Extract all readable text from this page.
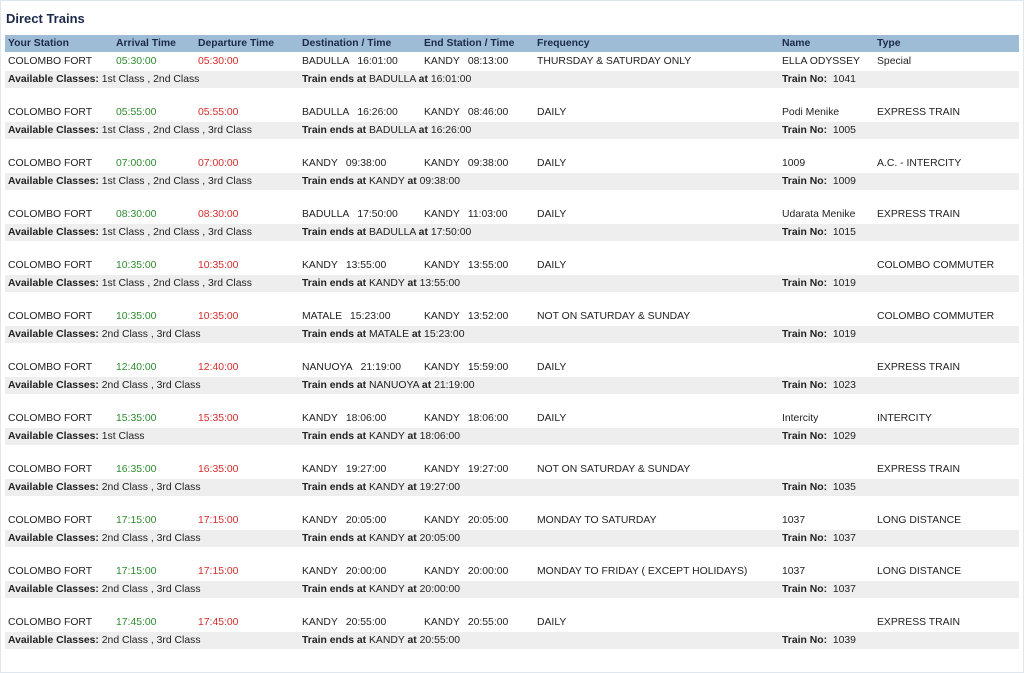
Direct Trains
Your Station	Arrival Time	Departure Time	Destination / Time	End Station / Time	Frequency	Name	Type
COLOMBO FORT	05:30:00	05:30:00	BADULLA 16:01:00	KANDY 08:13:00	THURSDAY & SATURDAY ONLY	ELLA ODYSSEY	Special
Available Classes: 1st Class , 2nd Class			Train ends at BADULLA at 16:01:00			Train No: 1041	

COLOMBO FORT	05:55:00	05:55:00	BADULLA 16:26:00	KANDY 08:46:00	DAILY	Podi Menike	EXPRESS TRAIN
Available Classes: 1st Class , 2nd Class , 3rd Class			Train ends at BADULLA at 16:26:00			Train No: 1005	

COLOMBO FORT	07:00:00	07:00:00	KANDY 09:38:00	KANDY 09:38:00	DAILY	1009	A.C. - INTERCITY
Available Classes: 1st Class , 2nd Class , 3rd Class			Train ends at KANDY at 09:38:00			Train No: 1009	

COLOMBO FORT	08:30:00	08:30:00	BADULLA 17:50:00	KANDY 11:03:00	DAILY	Udarata Menike	EXPRESS TRAIN
Available Classes: 1st Class , 2nd Class , 3rd Class			Train ends at BADULLA at 17:50:00			Train No: 1015	

COLOMBO FORT	10:35:00	10:35:00	KANDY 13:55:00	KANDY 13:55:00	DAILY		COLOMBO COMMUTER
Available Classes: 1st Class , 2nd Class , 3rd Class			Train ends at KANDY at 13:55:00			Train No: 1019	

COLOMBO FORT	10:35:00	10:35:00	MATALE 15:23:00	KANDY 13:52:00	NOT ON SATURDAY & SUNDAY		COLOMBO COMMUTER
Available Classes: 2nd Class , 3rd Class			Train ends at MATALE at 15:23:00			Train No: 1019	

COLOMBO FORT	12:40:00	12:40:00	NANUOYA 21:19:00	KANDY 15:59:00	DAILY		EXPRESS TRAIN
Available Classes: 2nd Class , 3rd Class			Train ends at NANUOYA at 21:19:00			Train No: 1023	

COLOMBO FORT	15:35:00	15:35:00	KANDY 18:06:00	KANDY 18:06:00	DAILY	Intercity	INTERCITY
Available Classes: 1st Class			Train ends at KANDY at 18:06:00			Train No: 1029	

COLOMBO FORT	16:35:00	16:35:00	KANDY 19:27:00	KANDY 19:27:00	NOT ON SATURDAY & SUNDAY		EXPRESS TRAIN
Available Classes: 2nd Class , 3rd Class			Train ends at KANDY at 19:27:00			Train No: 1035	

COLOMBO FORT	17:15:00	17:15:00	KANDY 20:05:00	KANDY 20:05:00	MONDAY TO SATURDAY	1037	LONG DISTANCE
Available Classes: 2nd Class , 3rd Class			Train ends at KANDY at 20:05:00			Train No: 1037	

COLOMBO FORT	17:15:00	17:15:00	KANDY 20:00:00	KANDY 20:00:00	MONDAY TO FRIDAY ( EXCEPT HOLIDAYS)	1037	LONG DISTANCE
Available Classes: 2nd Class , 3rd Class			Train ends at KANDY at 20:00:00			Train No: 1037	

COLOMBO FORT	17:45:00	17:45:00	KANDY 20:55:00	KANDY 20:55:00	DAILY		EXPRESS TRAIN
Available Classes: 2nd Class , 3rd Class			Train ends at KANDY at 20:55:00			Train No: 1039	
